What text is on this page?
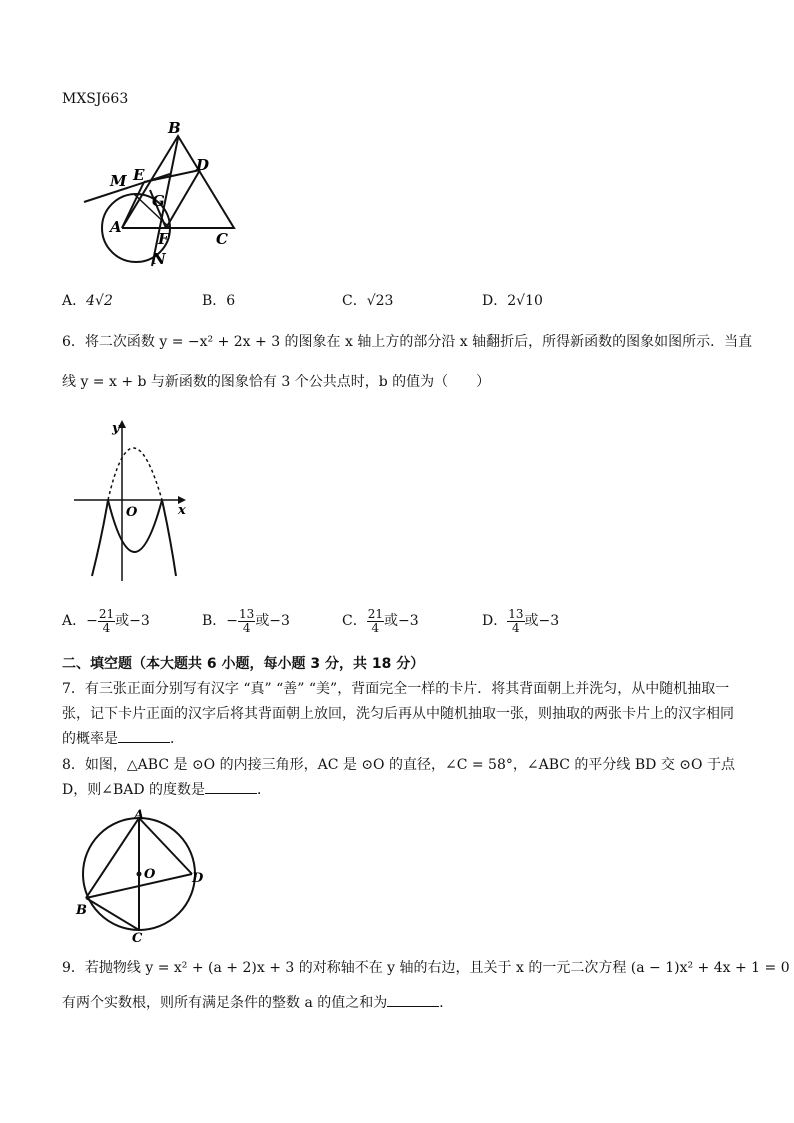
MXSJ663
B
E
D
M
G
A
F	C
N
A．4√2	B．6	C．√23	D．2√10
6．将二次函数 y = −x² + 2x + 3 的图象在 x 轴上方的部分沿 x 轴翻折后，所得新函数的图象如图所示．当直
线 y = x + b 与新函数的图象恰有 3 个公共点时，b 的值为（　　）
y
O	x
A．− $\frac{21}{4}$ 或−3	B．− $\frac{13}{4}$ 或−3	C． $\frac{21}{4}$ 或−3	D． $\frac{13}{4}$ 或−3
二、填空题（本大题共 6 小题，每小题 3 分，共 18 分）
7．有三张正面分别写有汉字 “真” “善” “美”，背面完全一样的卡片．将其背面朝上并洗匀，从中随机抽取一
张，记下卡片正面的汉字后将其背面朝上放回，洗匀后再从中随机抽取一张，则抽取的两张卡片上的汉字相同
的概率是	．
8．如图，△ABC 是 ⊙O 的内接三角形，AC 是 ⊙O 的直径，∠C = 58°，∠ABC 的平分线 BD 交 ⊙O 于点
D，则∠BAD 的度数是	．
A
O	D
B
C
9．若抛物线 y = x² + (a + 2)x + 3 的对称轴不在 y 轴的右边，且关于 x 的一元二次方程 (a − 1)x² + 4x + 1 = 0
有两个实数根，则所有满足条件的整数 a 的值之和为	．
